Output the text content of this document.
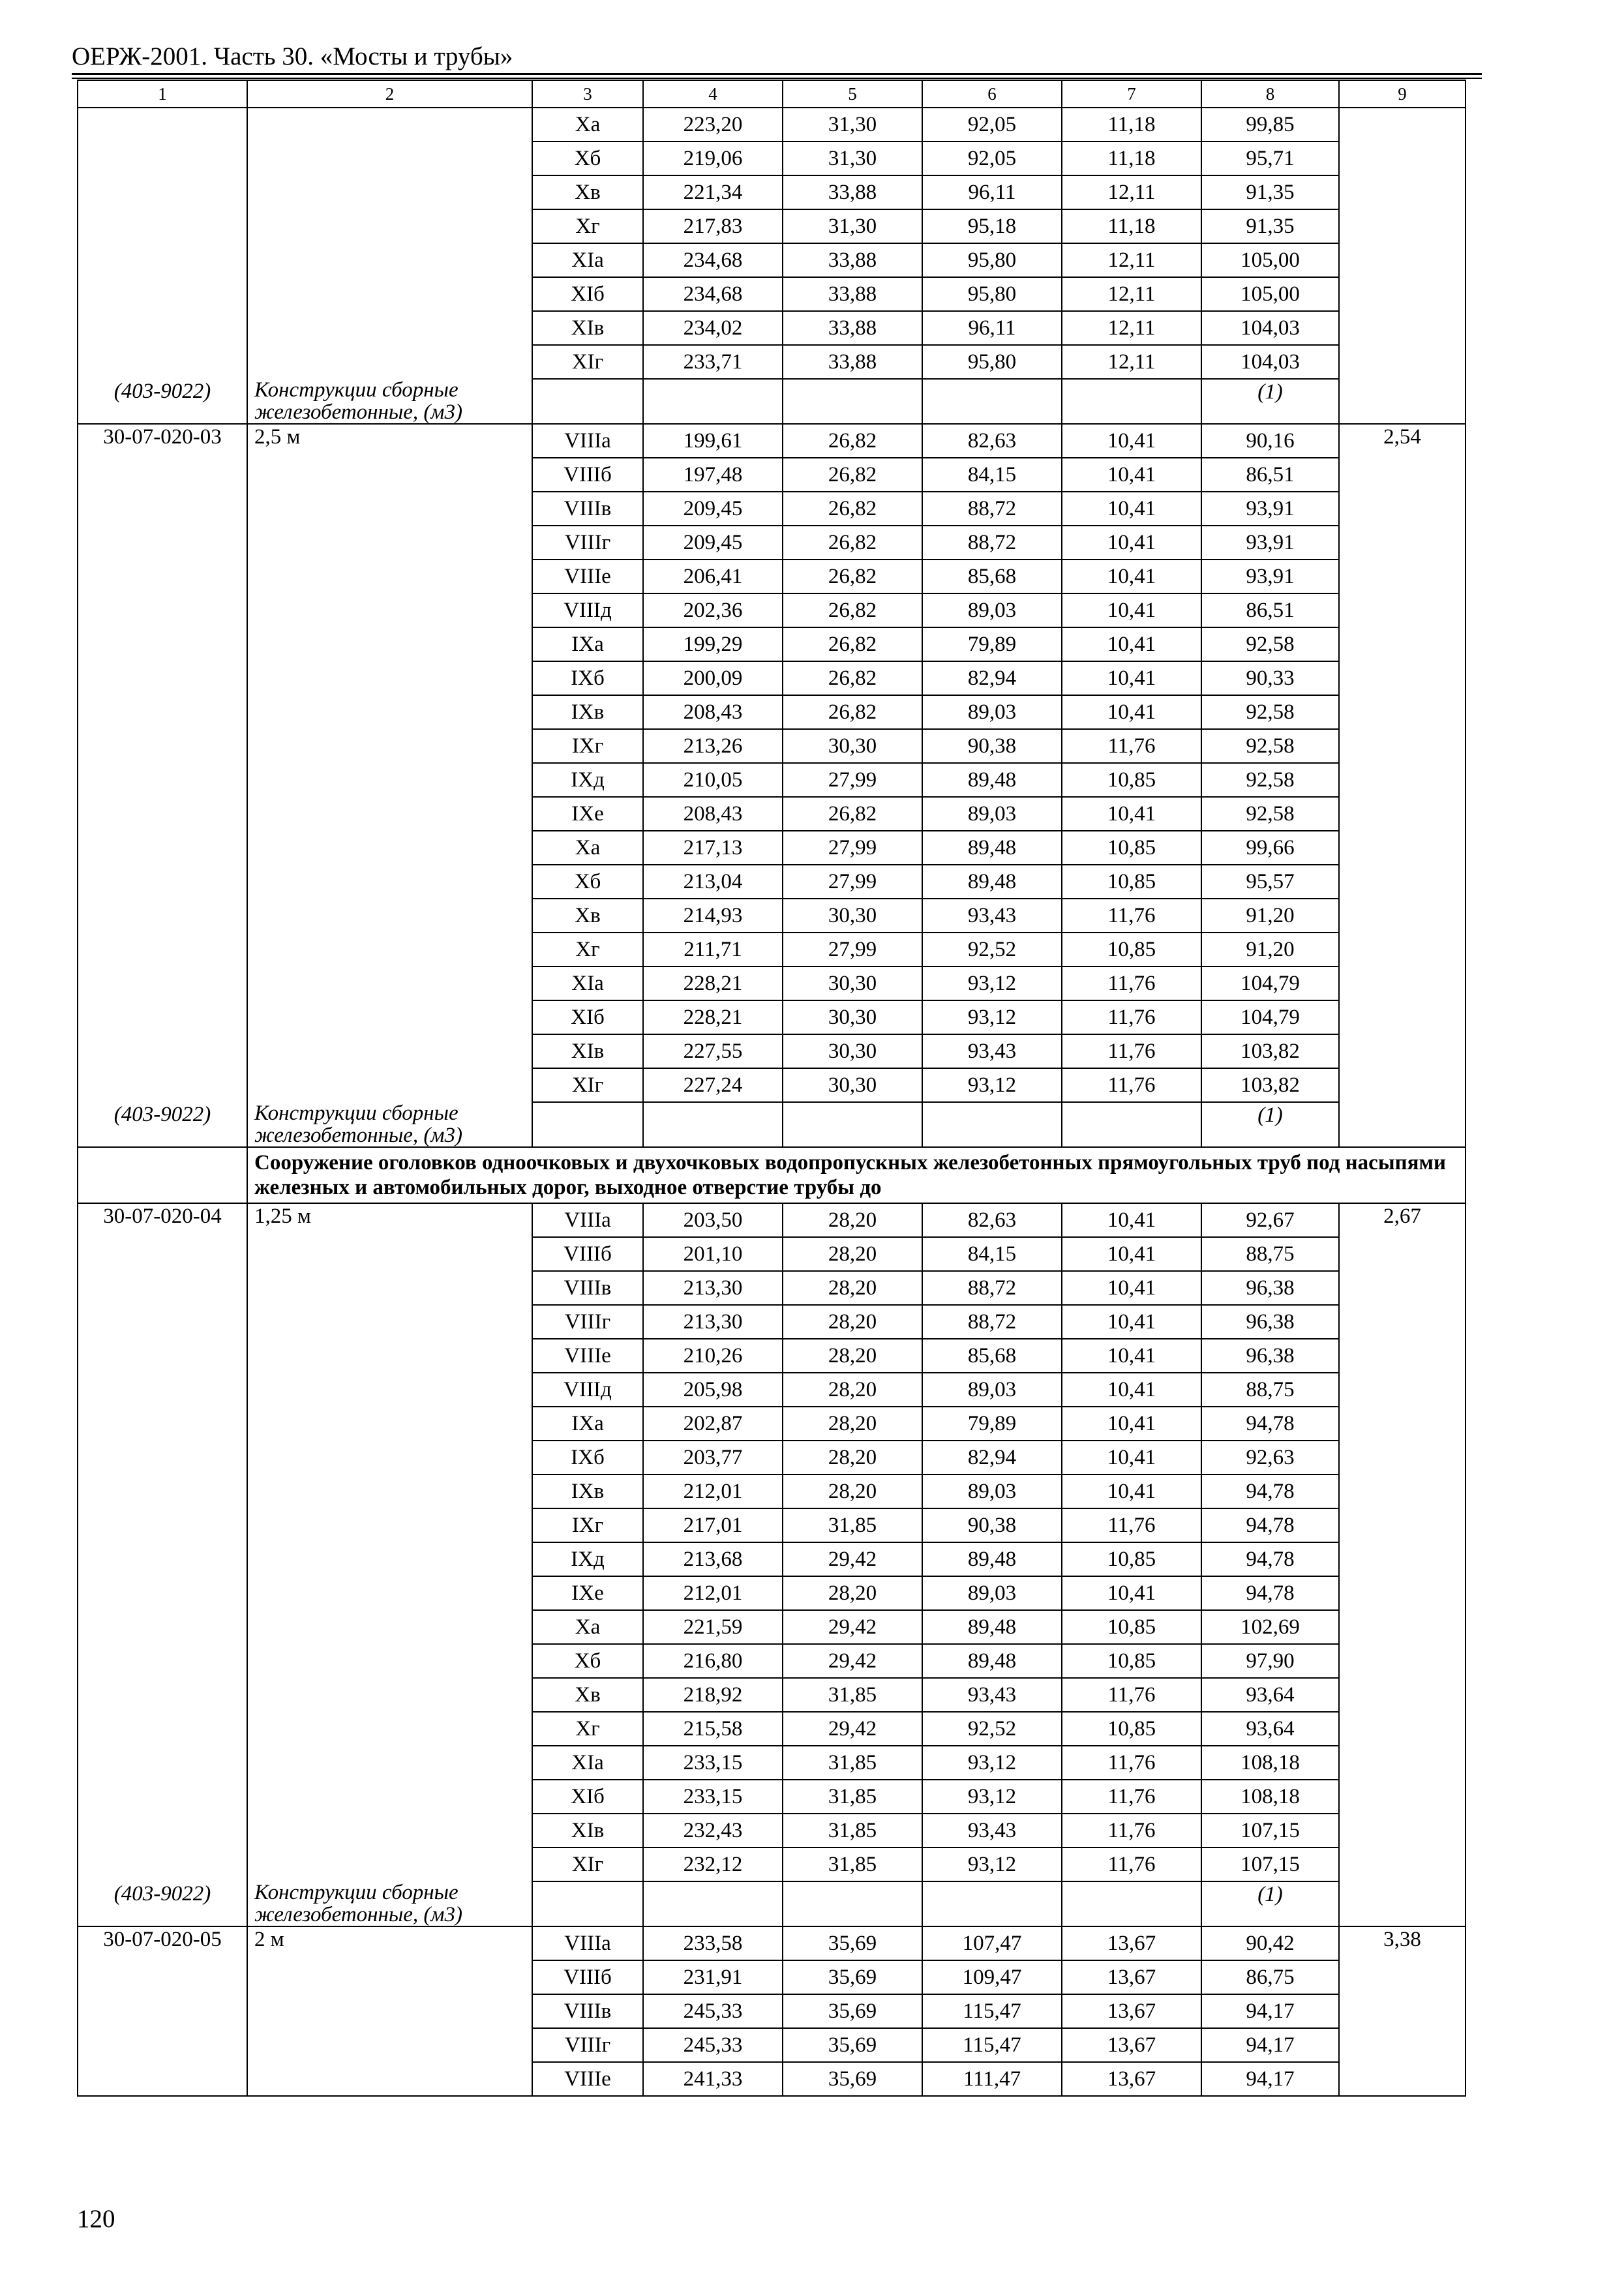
ОЕРЖ-2001. Часть 30. «Мосты и трубы»
1	2	3	4	5	6	7	8	9
		Xа	223,20	31,30	92,05	11,18	99,85	
		Xб	219,06	31,30	92,05	11,18	95,71	
		Xв	221,34	33,88	96,11	12,11	91,35	
		Xг	217,83	31,30	95,18	11,18	91,35	
		XIа	234,68	33,88	95,80	12,11	105,00	
		XIб	234,68	33,88	95,80	12,11	105,00	
		XIв	234,02	33,88	96,11	12,11	104,03	
		XIг	233,71	33,88	95,80	12,11	104,03	
(403-9022)	Конструкции сборные железобетонные, (м3)						(1)	
30-07-020-03	2,5 м	VIIIа	199,61	26,82	82,63	10,41	90,16	2,54
		VIIIб	197,48	26,82	84,15	10,41	86,51	
		VIIIв	209,45	26,82	88,72	10,41	93,91	
		VIIIг	209,45	26,82	88,72	10,41	93,91	
		VIIIе	206,41	26,82	85,68	10,41	93,91	
		VIIIд	202,36	26,82	89,03	10,41	86,51	
		IXа	199,29	26,82	79,89	10,41	92,58	
		IXб	200,09	26,82	82,94	10,41	90,33	
		IXв	208,43	26,82	89,03	10,41	92,58	
		IXг	213,26	30,30	90,38	11,76	92,58	
		IXд	210,05	27,99	89,48	10,85	92,58	
		IXе	208,43	26,82	89,03	10,41	92,58	
		Xа	217,13	27,99	89,48	10,85	99,66	
		Xб	213,04	27,99	89,48	10,85	95,57	
		Xв	214,93	30,30	93,43	11,76	91,20	
		Xг	211,71	27,99	92,52	10,85	91,20	
		XIа	228,21	30,30	93,12	11,76	104,79	
		XIб	228,21	30,30	93,12	11,76	104,79	
		XIв	227,55	30,30	93,43	11,76	103,82	
		XIг	227,24	30,30	93,12	11,76	103,82	
(403-9022)	Конструкции сборные железобетонные, (м3)						(1)	
	Сооружение оголовков одноочковых и двухочковых водопропускных железобетонных прямоугольных труб под насыпями железных и автомобильных дорог, выходное отверстие трубы до							
30-07-020-04	1,25 м	VIIIа	203,50	28,20	82,63	10,41	92,67	2,67
		VIIIб	201,10	28,20	84,15	10,41	88,75	
		VIIIв	213,30	28,20	88,72	10,41	96,38	
		VIIIг	213,30	28,20	88,72	10,41	96,38	
		VIIIе	210,26	28,20	85,68	10,41	96,38	
		VIIIд	205,98	28,20	89,03	10,41	88,75	
		IXа	202,87	28,20	79,89	10,41	94,78	
		IXб	203,77	28,20	82,94	10,41	92,63	
		IXв	212,01	28,20	89,03	10,41	94,78	
		IXг	217,01	31,85	90,38	11,76	94,78	
		IXд	213,68	29,42	89,48	10,85	94,78	
		IXе	212,01	28,20	89,03	10,41	94,78	
		Xа	221,59	29,42	89,48	10,85	102,69	
		Xб	216,80	29,42	89,48	10,85	97,90	
		Xв	218,92	31,85	93,43	11,76	93,64	
		Xг	215,58	29,42	92,52	10,85	93,64	
		XIа	233,15	31,85	93,12	11,76	108,18	
		XIб	233,15	31,85	93,12	11,76	108,18	
		XIв	232,43	31,85	93,43	11,76	107,15	
		XIг	232,12	31,85	93,12	11,76	107,15	
(403-9022)	Конструкции сборные железобетонные, (м3)						(1)	
30-07-020-05	2 м	VIIIа	233,58	35,69	107,47	13,67	90,42	3,38
		VIIIб	231,91	35,69	109,47	13,67	86,75	
		VIIIв	245,33	35,69	115,47	13,67	94,17	
		VIIIг	245,33	35,69	115,47	13,67	94,17	
		VIIIе	241,33	35,69	111,47	13,67	94,17	
120
